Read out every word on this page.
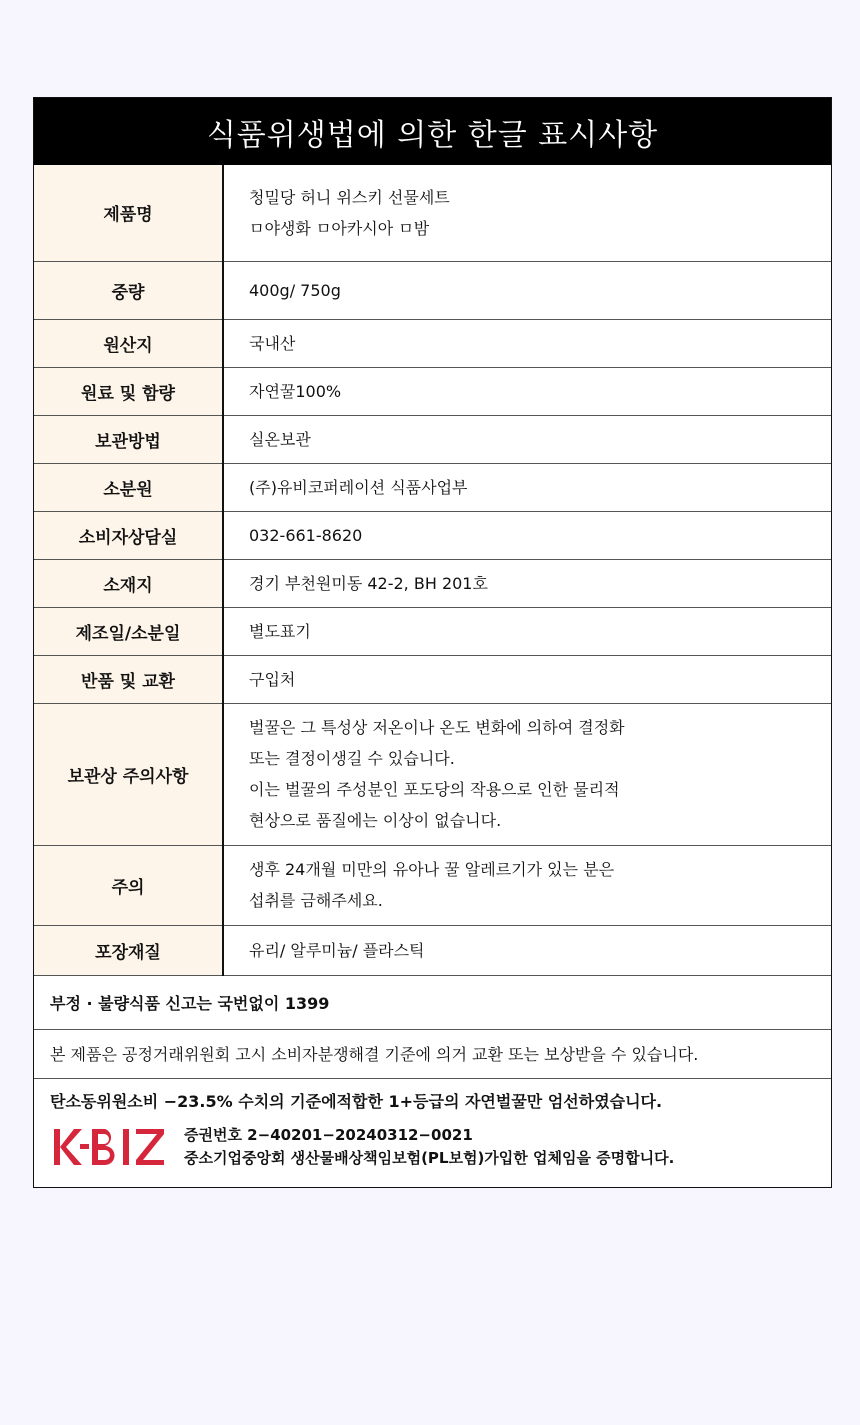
식품위생법에 의한 한글 표시사항
제품명	청밀당 허니 위스키 선물세트
ㅁ야생화 ㅁ아카시아 ㅁ밤

중량	400g/ 750g

원산지	국내산

원료 및 함량	자연꿀100%

보관방법	실온보관

소분원	(주)유비코퍼레이션 식품사업부

소비자상담실	032-661-8620

소재지	경기 부천원미동 42-2, BH 201호

제조일/소분일	별도표기

반품 및 교환	구입처

보관상 주의사항	벌꿀은 그 특성상 저온이나 온도 변화에 의하여 결정화
또는 결정이생길 수 있습니다.
이는 벌꿀의 주성분인 포도당의 작용으로 인한 물리적
현상으로 품질에는 이상이 없습니다.

주의	생후 24개월 미만의 유아나 꿀 알레르기가 있는 분은
섭취를 금해주세요.

포장재질	유리/ 알루미늄/ 플라스틱
부정 · 불량식품 신고는 국번없이 1399
본 제품은 공정거래위원회 고시 소비자분쟁해결 기준에 의거 교환 또는 보상받을 수 있습니다.
탄소동위원소비 −23.5% 수치의 기준에적합한 1+등급의 자연벌꿀만 엄선하였습니다.
증권번호 2−40201−20240312−0021
중소기업중앙회 생산물배상책임보험(PL보험)가입한 업체임을 증명합니다.
